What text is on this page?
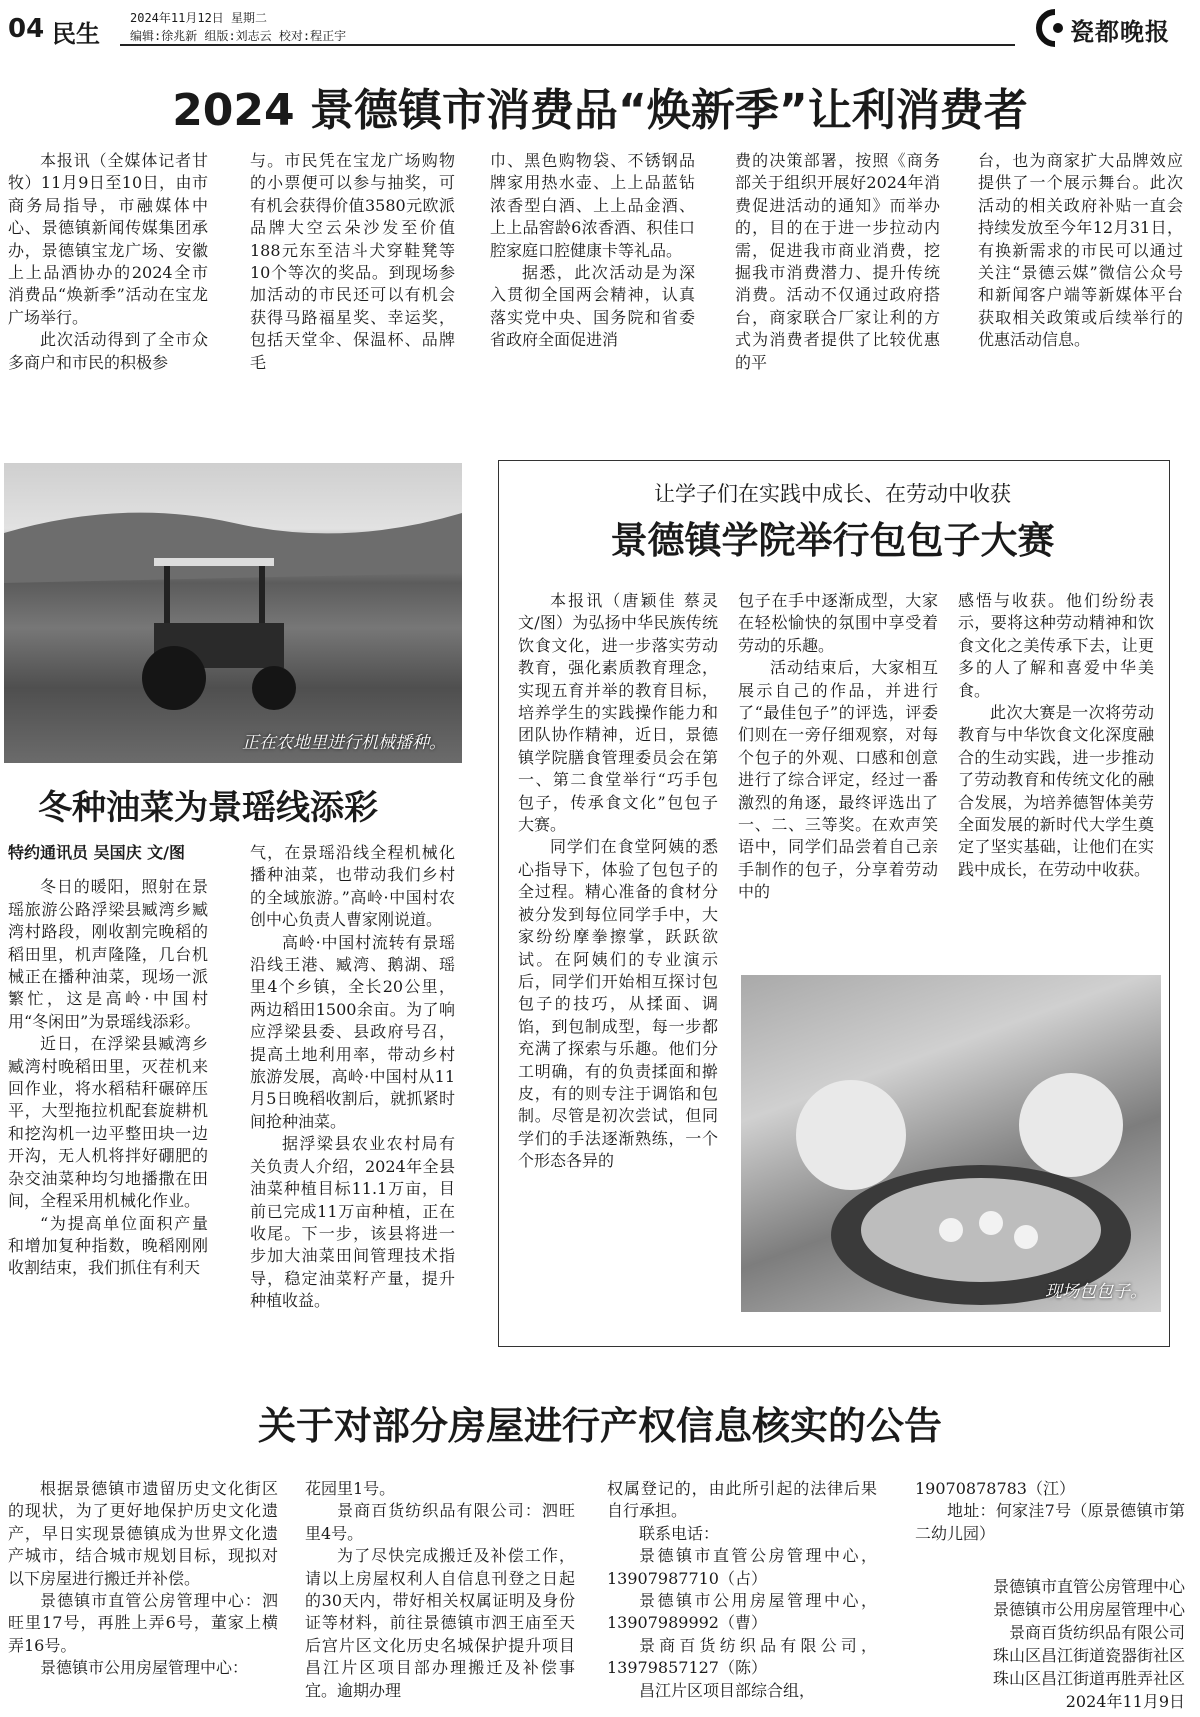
04 民生
2024年11月12日 星期二
编辑:徐兆新 组版:刘志云 校对:程正宇	瓷都晚报
2024 景德镇市消费品“焕新季”让利消费者

本报讯（全媒体记者甘牧）11月9日至10日，由市商务局指导，市融媒体中心、景德镇新闻传媒集团承办，景德镇宝龙广场、安徽上上品酒协办的2024全市消费品“焕新季”活动在宝龙广场举行。

此次活动得到了全市众多商户和市民的积极参

与。市民凭在宝龙广场购物的小票便可以参与抽奖，可有机会获得价值3580元欧派品牌大空云朵沙发至价值188元东至洁斗犬穿鞋凳等10个等次的奖品。到现场参加活动的市民还可以有机会获得马路福星奖、幸运奖，包括天堂伞、保温杯、品牌毛

巾、黑色购物袋、不锈钢品牌家用热水壶、上上品蓝钻浓香型白酒、上上品金酒、上上品窖龄6浓香酒、积佳口腔家庭口腔健康卡等礼品。

据悉，此次活动是为深入贯彻全国两会精神，认真落实党中央、国务院和省委省政府全面促进消

费的决策部署，按照《商务部关于组织开展好2024年消费促进活动的通知》而举办的，目的在于进一步拉动内需，促进我市商业消费，挖掘我市消费潜力、提升传统消费。活动不仅通过政府搭台，商家联合厂家让利的方式为消费者提供了比较优惠的平

台，也为商家扩大品牌效应提供了一个展示舞台。此次活动的相关政府补贴一直会持续发放至今年12月31日，有换新需求的市民可以通过关注“景德云媒”微信公众号和新闻客户端等新媒体平台获取相关政策或后续举行的优惠活动信息。

正在农地里进行机械播种。
冬种油菜为景瑶线添彩

特约通讯员 吴国庆 文/图

冬日的暖阳，照射在景瑶旅游公路浮梁县臧湾乡臧湾村路段，刚收割完晚稻的稻田里，机声隆隆，几台机械正在播种油菜，现场一派繁忙，这是高岭·中国村用“冬闲田”为景瑶线添彩。

近日，在浮梁县臧湾乡臧湾村晚稻田里，灭茬机来回作业，将水稻秸秆碾碎压平，大型拖拉机配套旋耕机和挖沟机一边平整田块一边开沟，无人机将拌好硼肥的杂交油菜种均匀地播撒在田间，全程采用机械化作业。

“为提高单位面积产量和增加复种指数，晚稻刚刚收割结束，我们抓住有利天

气，在景瑶沿线全程机械化播种油菜，也带动我们乡村的全域旅游。”高岭·中国村农创中心负责人曹家刚说道。

高岭·中国村流转有景瑶沿线王港、臧湾、鹅湖、瑶里4个乡镇，全长20公里，两边稻田1500余亩。为了响应浮梁县委、县政府号召，提高土地利用率，带动乡村旅游发展，高岭·中国村从11月5日晚稻收割后，就抓紧时间抢种油菜。

据浮梁县农业农村局有关负责人介绍，2024年全县油菜种植目标11.1万亩，目前已完成11万亩种植，正在收尾。下一步，该县将进一步加大油菜田间管理技术指导，稳定油菜籽产量，提升种植收益。

让学子们在实践中成长、在劳动中收获
景德镇学院举行包包子大赛

本报讯（唐颖佳 蔡灵 文/图）为弘扬中华民族传统饮食文化，进一步落实劳动教育，强化素质教育理念，实现五育并举的教育目标，培养学生的实践操作能力和团队协作精神，近日，景德镇学院膳食管理委员会在第一、第二食堂举行“巧手包包子，传承食文化”包包子大赛。

同学们在食堂阿姨的悉心指导下，体验了包包子的全过程。精心准备的食材分被分发到每位同学手中，大家纷纷摩拳擦掌，跃跃欲试。在阿姨们的专业演示后，同学们开始相互探讨包包子的技巧，从揉面、调馅，到包制成型，每一步都充满了探索与乐趣。他们分工明确，有的负责揉面和擀皮，有的则专注于调馅和包制。尽管是初次尝试，但同学们的手法逐渐熟练，一个个形态各异的

包子在手中逐渐成型，大家在轻松愉快的氛围中享受着劳动的乐趣。

活动结束后，大家相互展示自己的作品，并进行了“最佳包子”的评选，评委们则在一旁仔细观察，对每个包子的外观、口感和创意进行了综合评定，经过一番激烈的角逐，最终评选出了一、二、三等奖。在欢声笑语中，同学们品尝着自己亲手制作的包子，分享着劳动中的

感悟与收获。他们纷纷表示，要将这种劳动精神和饮食文化之美传承下去，让更多的人了解和喜爱中华美食。

此次大赛是一次将劳动教育与中华饮食文化深度融合的生动实践，进一步推动了劳动教育和传统文化的融合发展，为培养德智体美劳全面发展的新时代大学生奠定了坚实基础，让他们在实践中成长，在劳动中收获。

现场包包子。
关于对部分房屋进行产权信息核实的公告

根据景德镇市遗留历史文化街区的现状，为了更好地保护历史文化遗产，早日实现景德镇成为世界文化遗产城市，结合城市规划目标，现拟对以下房屋进行搬迁并补偿。

景德镇市直管公房管理中心：泗旺里17号，再胜上弄6号，董家上横弄16号。

景德镇市公用房屋管理中心：

花园里1号。

景商百货纺织品有限公司：泗旺里4号。

为了尽快完成搬迁及补偿工作，请以上房屋权利人自信息刊登之日起的30天内，带好相关权属证明及身份证等材料，前往景德镇市泗王庙至天后宫片区文化历史名城保护提升项目昌江片区项目部办理搬迁及补偿事宜。逾期办理

权属登记的，由此所引起的法律后果自行承担。

联系电话：

景德镇市直管公房管理中心，13907987710（占）

景德镇市公用房屋管理中心，13907989992（曹）

景商百货纺织品有限公司，13979857127（陈）

昌江片区项目部综合组，

19070878783（江）

地址：何家洼7号（原景德镇市第二幼儿园）

景德镇市直管公房管理中心
景德镇市公用房屋管理中心
景商百货纺织品有限公司
珠山区昌江街道瓷器街社区
珠山区昌江街道再胜弄社区
2024年11月9日
